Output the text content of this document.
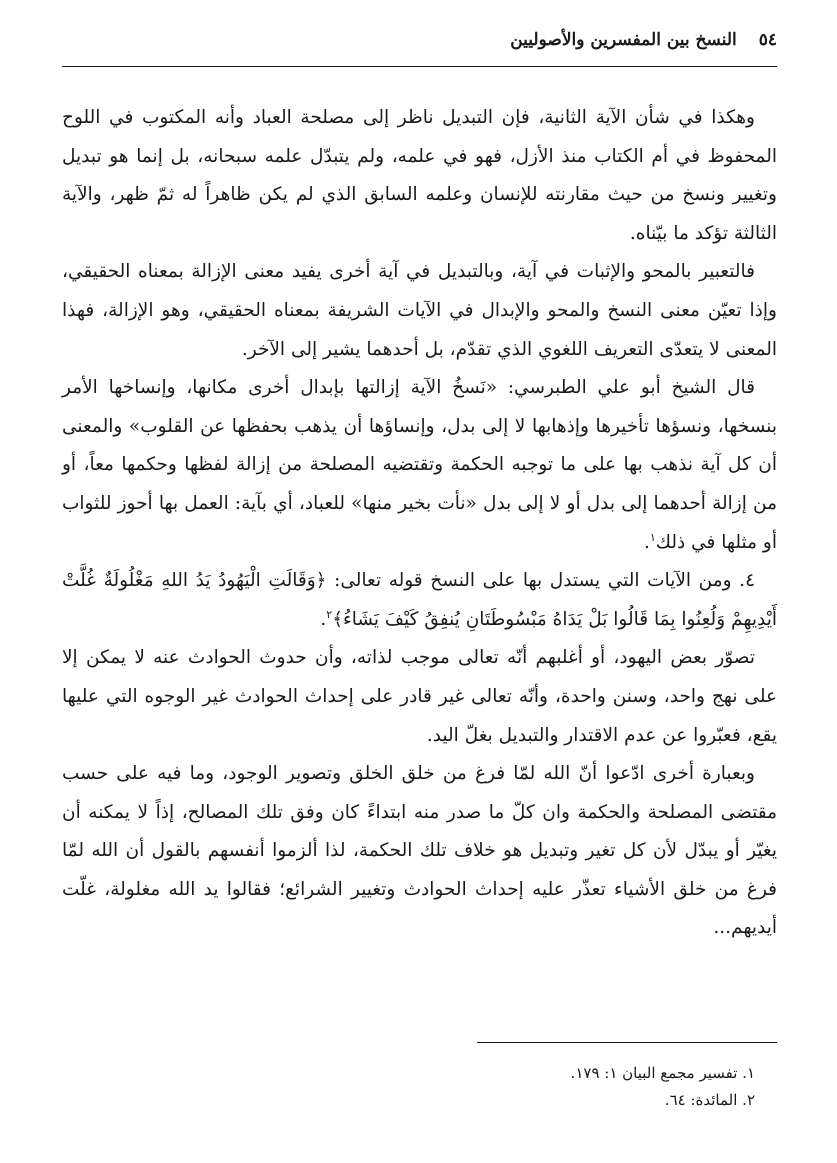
٥٤
النسخ بين المفسرين والأصوليين

وهكذا في شأن الآية الثانية، فإن التبديل ناظر إلى مصلحة العباد وأنه المكتوب في اللوح المحفوظ في أم الكتاب منذ الأزل، فهو في علمه، ولم يتبدّل علمه سبحانه، بل إنما هو تبديل وتغيير ونسخ من حيث مقارنته للإنسان وعلمه السابق الذي لم يكن ظاهراً له ثمّ ظهر، والآية الثالثة تؤكد ما بيّناه.

فالتعبير بالمحو والإثبات في آية، وبالتبديل في آية أخرى يفيد معنى الإزالة بمعناه الحقيقي، وإذا تعيّن معنى النسخ والمحو والإبدال في الآيات الشريفة بمعناه الحقيقي، وهو الإزالة، فهذا المعنى لا يتعدّى التعريف اللغوي الذي تقدّم، بل أحدهما يشير إلى الآخر.

قال الشيخ أبو علي الطبرسي: «نَسخُ الآية إزالتها بإبدال أخرى مكانها، وإنساخها الأمر بنسخها، ونسؤها تأخيرها وإذهابها لا إلى بدل، وإنساؤها أن يذهب بحفظها عن القلوب» والمعنى أن كل آية نذهب بها على ما توجبه الحكمة وتقتضيه المصلحة من إزالة لفظها وحكمها معاً، أو من إزالة أحدهما إلى بدل أو لا إلى بدل «نأت بخير منها» للعباد، أي بآية: العمل بها أحوز للثواب أو مثلها في ذلك$^١$.

٤. ومن الآيات التي يستدل بها على النسخ قوله تعالى: ﴿وَقَالَتِ الْيَهُودُ يَدُ اللهِ مَغْلُولَةٌ غُلَّتْ أَيْدِيهِمْ وَلُعِنُوا بِمَا قَالُوا بَلْ يَدَاهُ مَبْسُوطَتَانِ يُنفِقُ كَيْفَ يَشَاءُ﴾$^٢$.

تصوّر بعض اليهود، أو أغلبهم أنّه تعالى موجب لذاته، وأن حدوث الحوادث عنه لا يمكن إلا على نهج واحد، وسنن واحدة، وأنّه تعالى غير قادر على إحداث الحوادث غير الوجوه التي عليها يقع، فعبّروا عن عدم الاقتدار والتبديل بغلّ اليد.

وبعبارة أخرى ادّعوا أنّ الله لمّا فرغ من خلق الخلق وتصوير الوجود، وما فيه على حسب مقتضى المصلحة والحكمة وان كلّ ما صدر منه ابتداءً كان وفق تلك المصالح، إذاً لا يمكنه أن يغيّر أو يبدّل لأن كل تغير وتبديل هو خلاف تلك الحكمة، لذا ألزموا أنفسهم بالقول أن الله لمّا فرغ من خلق الأشياء تعذّر عليه إحداث الحوادث وتغيير الشرائع؛ فقالوا يد الله مغلولة، غلّت أيديهم...

١. تفسير مجمع البيان ١: ١٧٩.
٢. المائدة: ٦٤.
